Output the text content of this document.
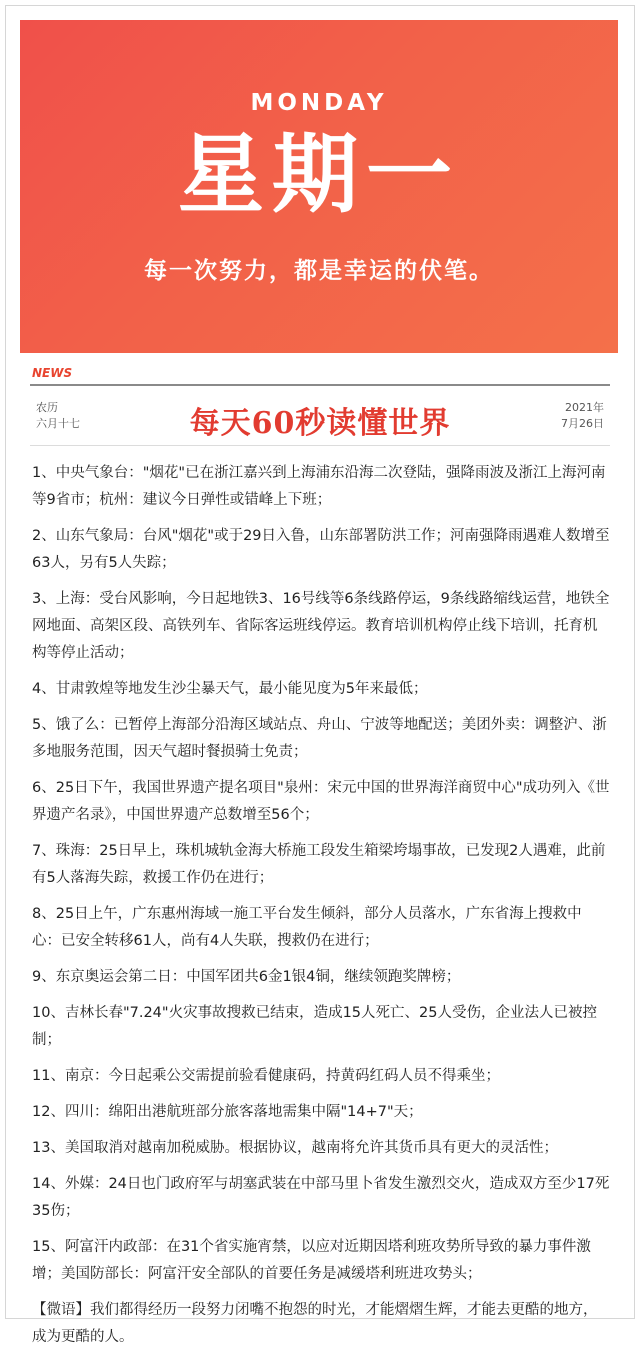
MONDAY
星期一
每一次努力，都是幸运的伏笔。
NEWS
农历
六月十七	每天60秒读懂世界	2021年
7月26日

1、中央气象台："烟花"已在浙江嘉兴到上海浦东沿海二次登陆，强降雨波及浙江上海河南等9省市；杭州：建议今日弹性或错峰上下班；

2、山东气象局：台风"烟花"或于29日入鲁，山东部署防洪工作；河南强降雨遇难人数增至63人，另有5人失踪；

3、上海：受台风影响，今日起地铁3、16号线等6条线路停运，9条线路缩线运营，地铁全网地面、高架区段、高铁列车、省际客运班线停运。教育培训机构停止线下培训，托育机构等停止活动；

4、甘肃敦煌等地发生沙尘暴天气，最小能见度为5年来最低；

5、饿了么：已暂停上海部分沿海区域站点、舟山、宁波等地配送；美团外卖：调整沪、浙多地服务范围，因天气超时餐损骑士免责；

6、25日下午，我国世界遗产提名项目"泉州：宋元中国的世界海洋商贸中心"成功列入《世界遗产名录》，中国世界遗产总数增至56个；

7、珠海：25日早上，珠机城轨金海大桥施工段发生箱梁垮塌事故，已发现2人遇难，此前有5人落海失踪，救援工作仍在进行；

8、25日上午，广东惠州海域一施工平台发生倾斜，部分人员落水，广东省海上搜救中心：已安全转移61人，尚有4人失联，搜救仍在进行；

9、东京奥运会第二日：中国军团共6金1银4铜，继续领跑奖牌榜；

10、吉林长春"7.24"火灾事故搜救已结束，造成15人死亡、25人受伤，企业法人已被控制；

11、南京：今日起乘公交需提前验看健康码，持黄码红码人员不得乘坐；

12、四川：绵阳出港航班部分旅客落地需集中隔"14+7"天；

13、美国取消对越南加税威胁。根据协议，越南将允许其货币具有更大的灵活性；

14、外媒：24日也门政府军与胡塞武装在中部马里卜省发生激烈交火，造成双方至少17死35伤；

15、阿富汗内政部：在31个省实施宵禁，以应对近期因塔利班攻势所导致的暴力事件激增；美国防部长：阿富汗安全部队的首要任务是减缓塔利班进攻势头；

【微语】我们都得经历一段努力闭嘴不抱怨的时光，才能熠熠生辉，才能去更酷的地方，成为更酷的人。
